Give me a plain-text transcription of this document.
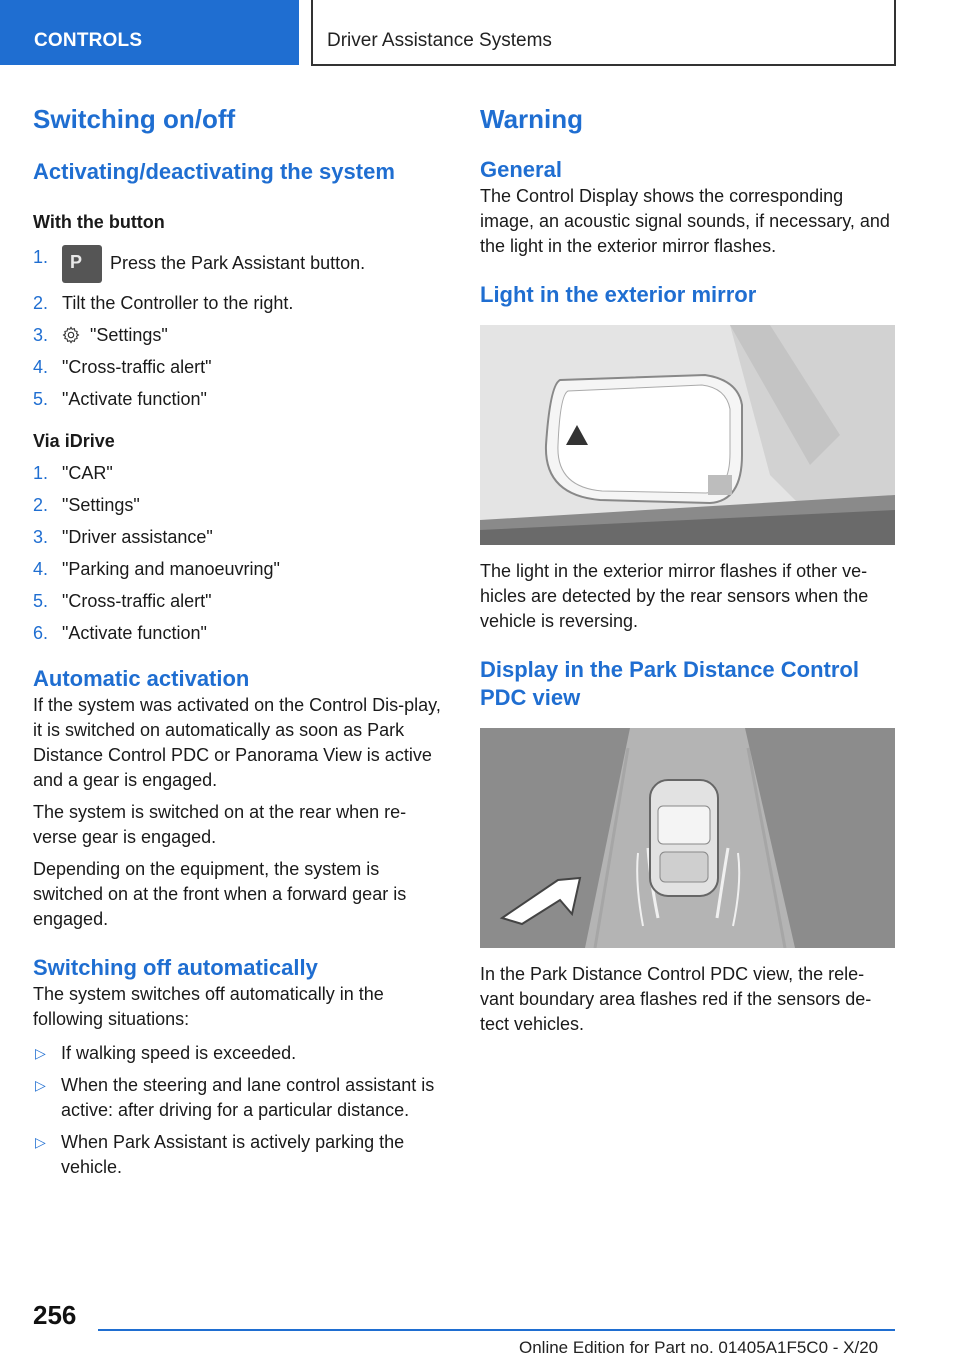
CONTROLS	Driver Assistance Systems
Switching on/off
Activating/deactivating the system
With the button
1. P Press the Park Assistant button.
2. Tilt the Controller to the right.
3. "Settings"
4. "Cross-traffic alert"
5. "Activate function"
Via iDrive
1. "CAR"
2. "Settings"
3. "Driver assistance"
4. "Parking and manoeuvring"
5. "Cross-traffic alert"
6. "Activate function"
Automatic activation

If the system was activated on the Control Dis-play, it is switched on automatically as soon as Park Distance Control PDC or Panorama View is active and a gear is engaged.

The system is switched on at the rear when re-verse gear is engaged.

Depending on the equipment, the system is switched on at the front when a forward gear is engaged.

Switching off automatically

The system switches off automatically in the following situations:

▷ If walking speed is exceeded.
▷ When the steering and lane control assistant is active: after driving for a particular distance.
▷ When Park Assistant is actively parking the vehicle.
Warning
General

The Control Display shows the corresponding image, an acoustic signal sounds, if necessary, and the light in the exterior mirror flashes.

Light in the exterior mirror

The light in the exterior mirror flashes if other ve-hicles are detected by the rear sensors when the vehicle is reversing.

Display in the Park Distance Control PDC view

In the Park Distance Control PDC view, the rele-vant boundary area flashes red if the sensors de-tect vehicles.

256
Online Edition for Part no. 01405A1F5C0 - X/20
